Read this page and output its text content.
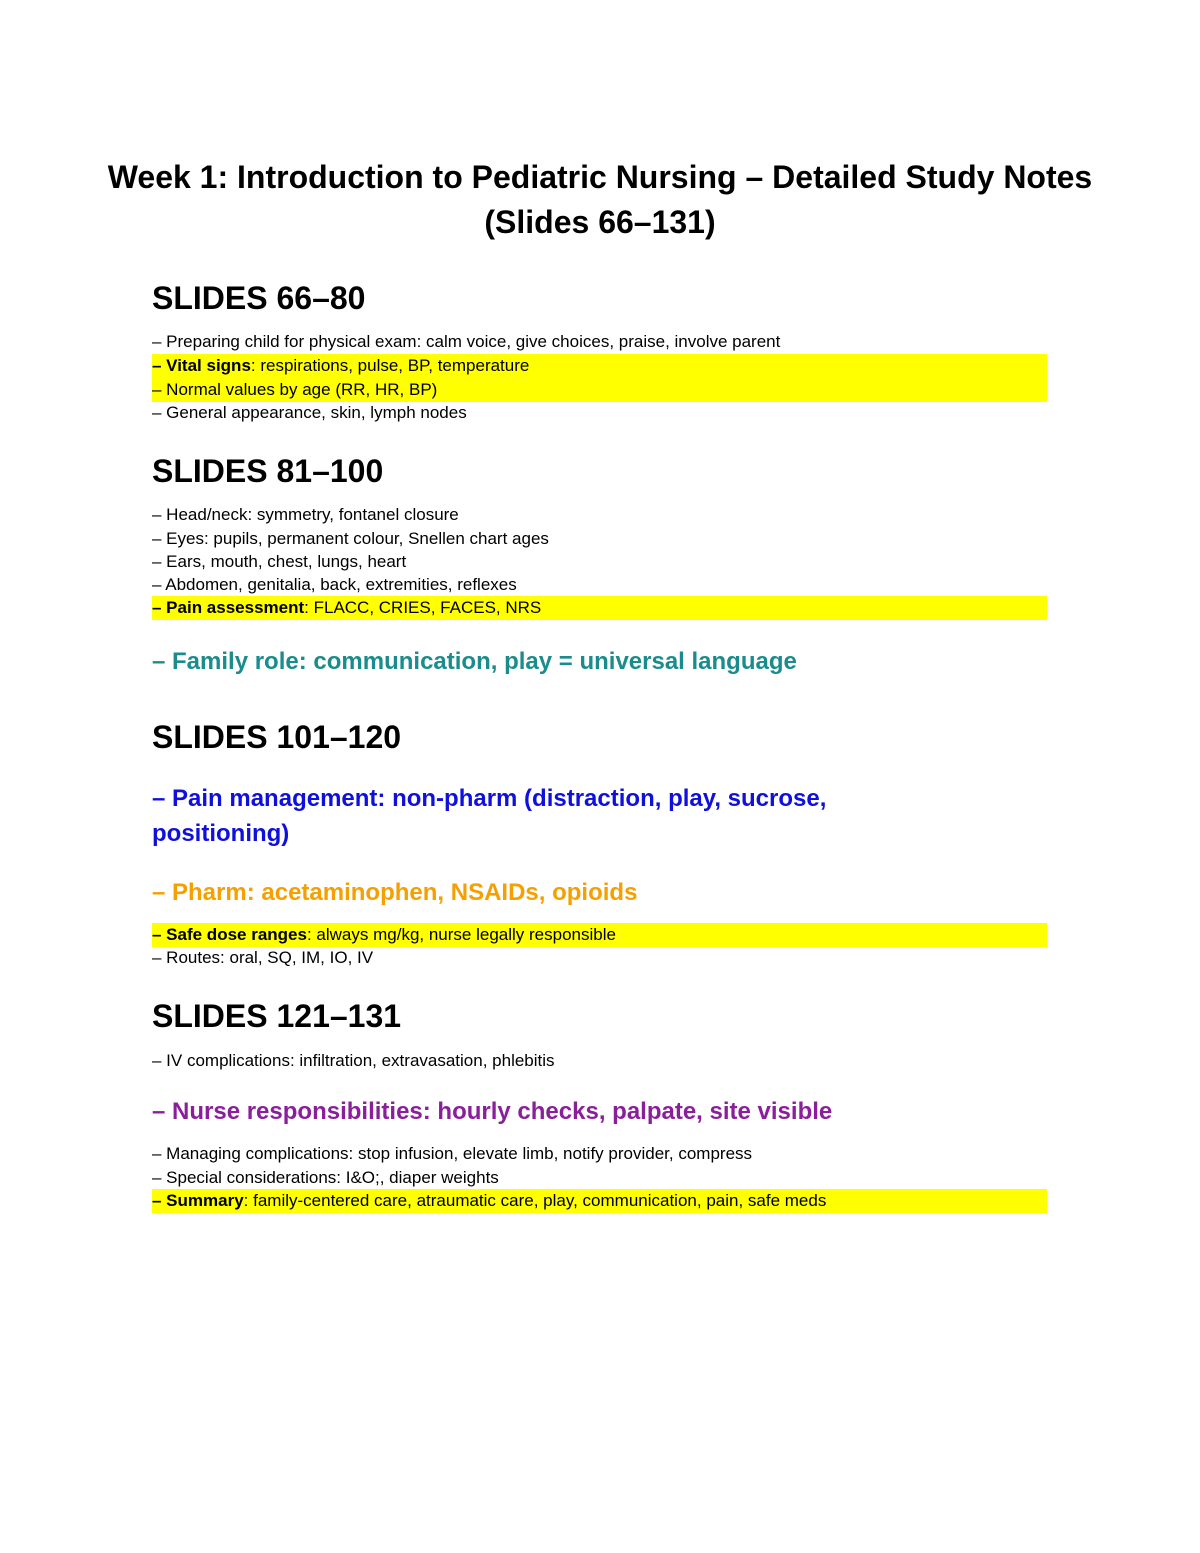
Week 1: Introduction to Pediatric Nursing – Detailed Study Notes (Slides 66–131)
SLIDES 66–80
– Preparing child for physical exam: calm voice, give choices, praise, involve parent
– Vital signs: respirations, pulse, BP, temperature
– Normal values by age (RR, HR, BP)
– General appearance, skin, lymph nodes
SLIDES 81–100
– Head/neck: symmetry, fontanel closure
– Eyes: pupils, permanent colour, Snellen chart ages
– Ears, mouth, chest, lungs, heart
– Abdomen, genitalia, back, extremities, reflexes
– Pain assessment: FLACC, CRIES, FACES, NRS

– Family role: communication, play = universal language

SLIDES 101–120

– Pain management: non-pharm (distraction, play, sucrose, positioning)

– Pharm: acetaminophen, NSAIDs, opioids

– Safe dose ranges: always mg/kg, nurse legally responsible
– Routes: oral, SQ, IM, IO, IV
SLIDES 121–131
– IV complications: infiltration, extravasation, phlebitis

– Nurse responsibilities: hourly checks, palpate, site visible

– Managing complications: stop infusion, elevate limb, notify provider, compress
– Special considerations: I&O;, diaper weights
– Summary: family-centered care, atraumatic care, play, communication, pain, safe meds
